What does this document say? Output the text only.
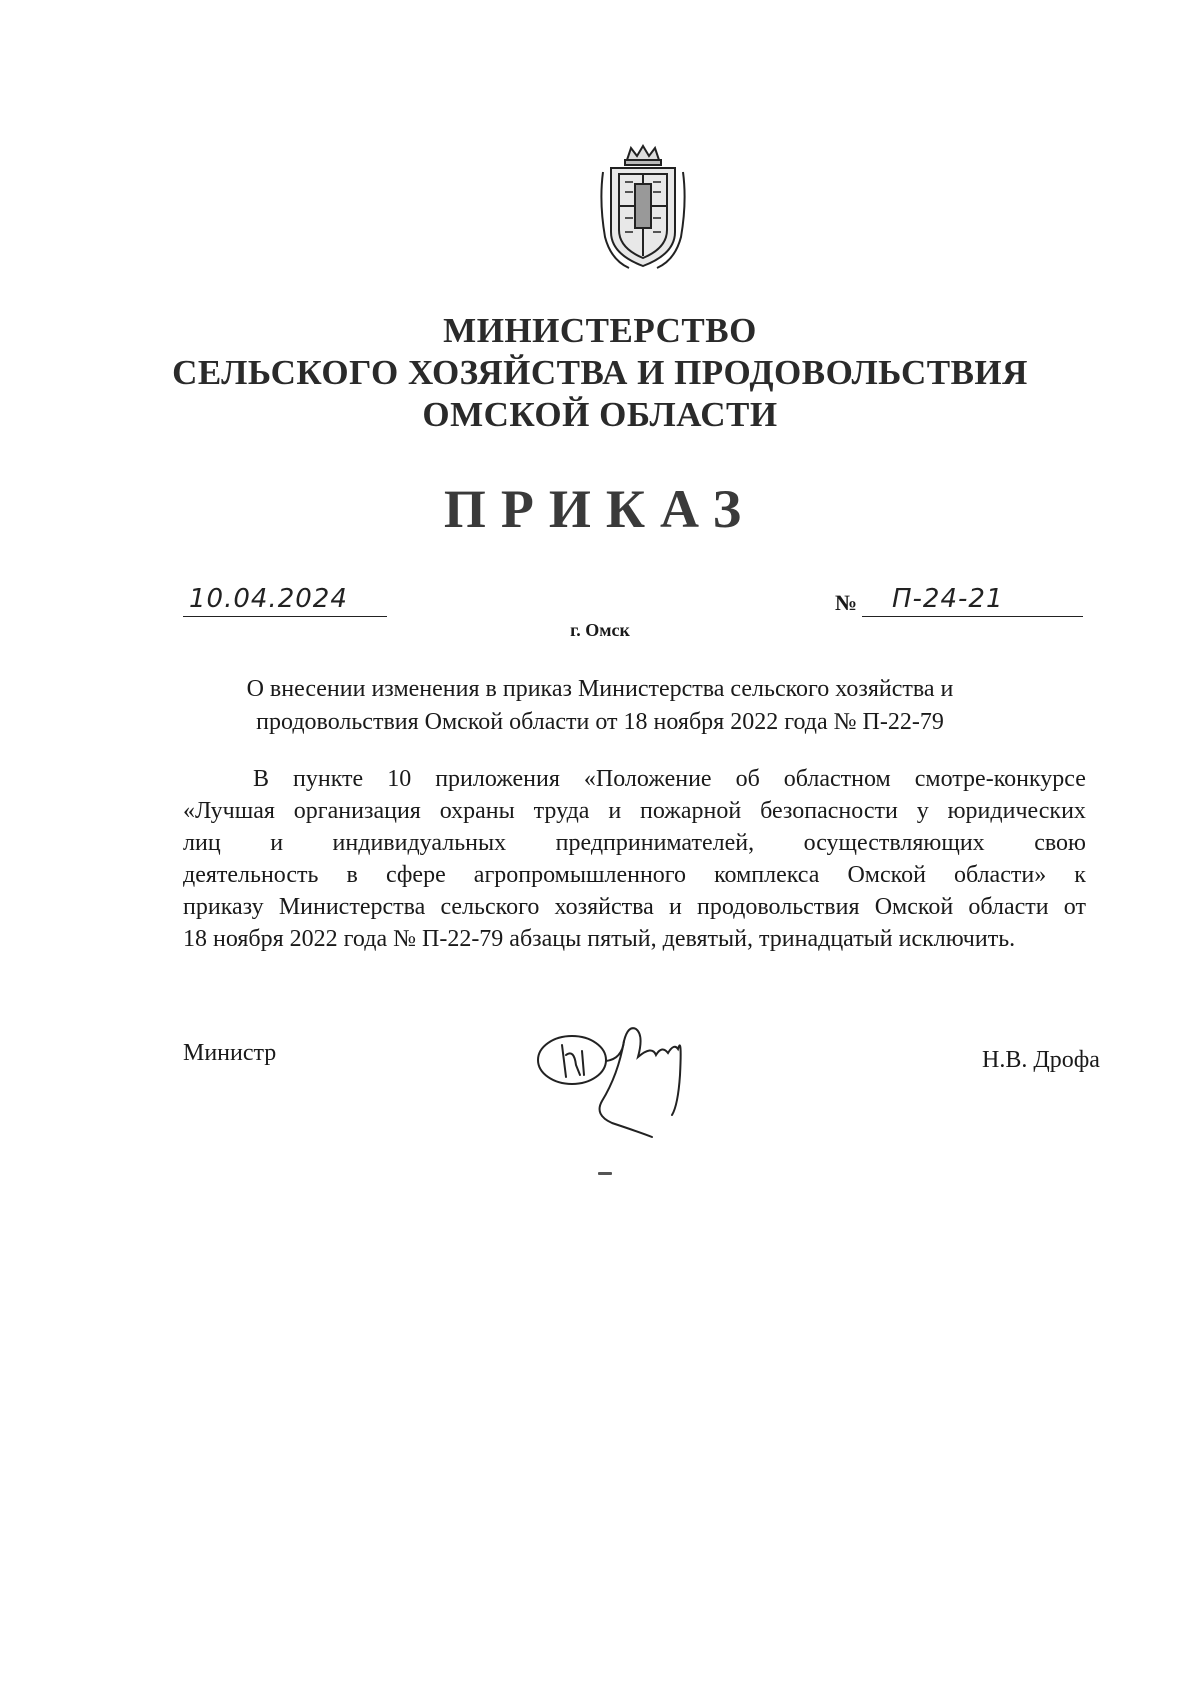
МИНИСТЕРСТВО
СЕЛЬСКОГО ХОЗЯЙСТВА И ПРОДОВОЛЬСТВИЯ
ОМСКОЙ ОБЛАСТИ
ПРИКАЗ
10.04.2024	№ П-24-21
г. Омск
О внесении изменения в приказ Министерства сельского хозяйства и
продовольствия Омской области от 18 ноября 2022 года № П-22-79
В пункте 10 приложения «Положение об областном смотре-конкурсе
«Лучшая организация охраны труда и пожарной безопасности у юридических
лиц и индивидуальных предпринимателей, осуществляющих свою
деятельность в сфере агропромышленного комплекса Омской области» к
приказу Министерства сельского хозяйства и продовольствия Омской области от
18 ноября 2022 года № П-22-79 абзацы пятый, девятый, тринадцатый исключить.
Министр	Н.В. Дрофа
